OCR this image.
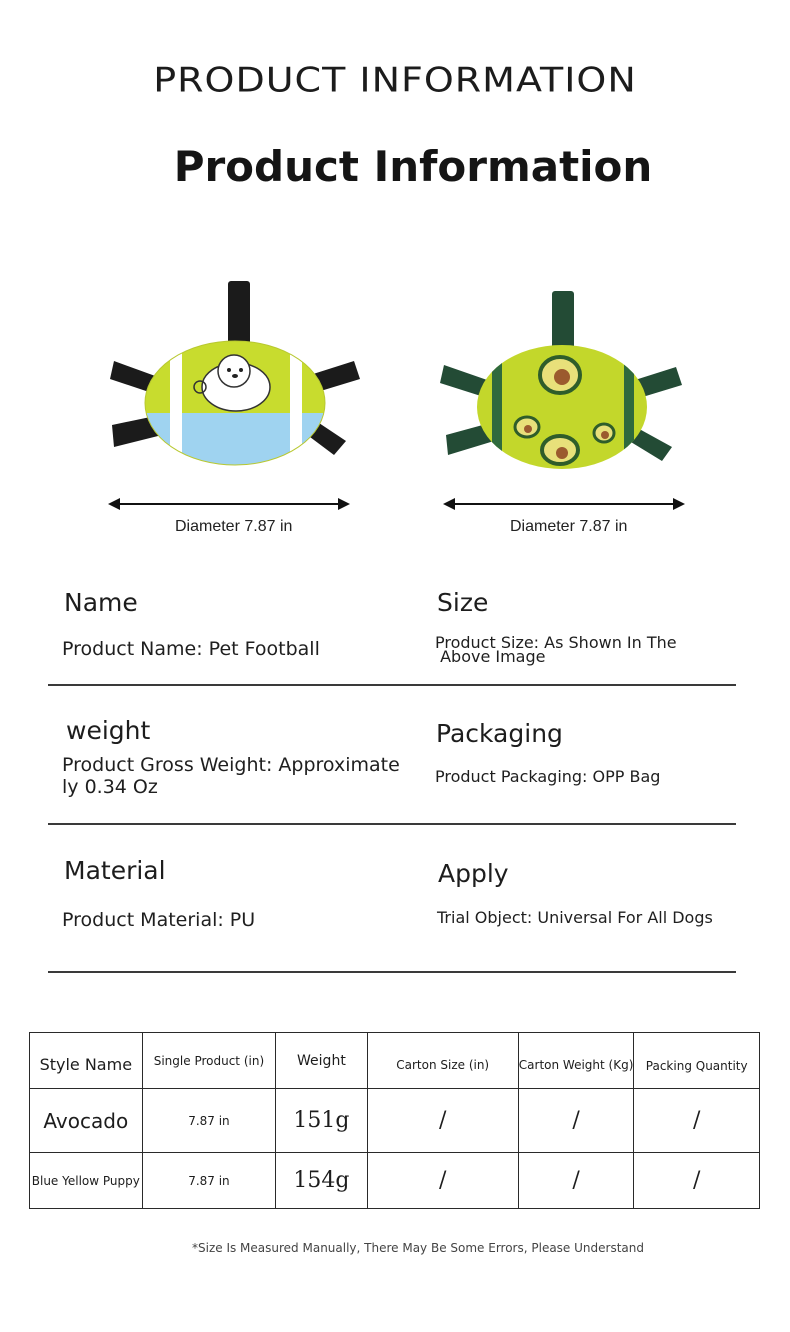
PRODUCT INFORMATION
Product Information
Diameter 7.87 in	Diameter 7.87 in
Name
Product Name: Pet Football
Size
Product Size: As Shown In The
Above Image
weight
Product Gross Weight: Approximate
ly 0.34 Oz
Packaging
Product Packaging: OPP Bag
Material
Product Material: PU
Apply
Trial Object: Universal For All Dogs
Style Name	Single Product (in)	Weight	Carton Size (in)	Carton Weight (Kg)	Packing Quantity
Avocado	7.87 in	151g	/	/	/
Blue Yellow Puppy	7.87 in	154g	/	/	/
*Size Is Measured Manually, There May Be Some Errors, Please Understand
